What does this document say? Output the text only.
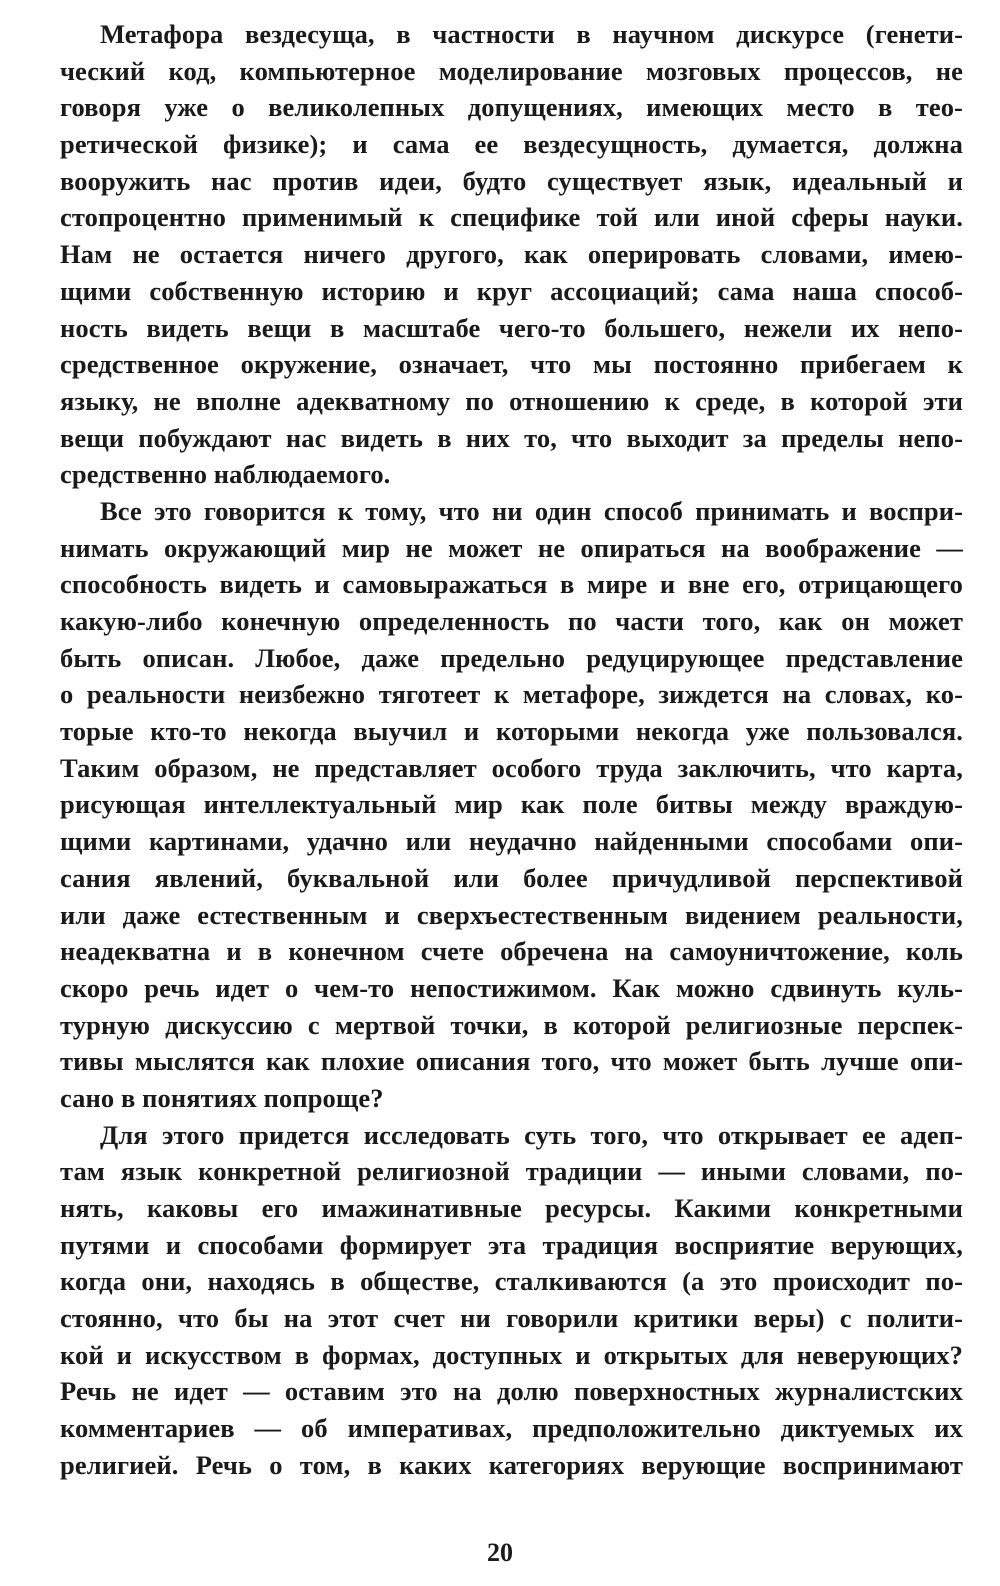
Метафора вездесуща, в частности в научном дискурсе (генети-
ческий код, компьютерное моделирование мозговых процессов, не
говоря уже о великолепных допущениях, имеющих место в тео-
ретической физике); и сама ее вездесущность, думается, должна
вооружить нас против идеи, будто существует язык, идеальный и
стопроцентно применимый к специфике той или иной сферы науки.
Нам не остается ничего другого, как оперировать словами, имею-
щими собственную историю и круг ассоциаций; сама наша способ-
ность видеть вещи в масштабе чего-то большего, нежели их непо-
средственное окружение, означает, что мы постоянно прибегаем к
языку, не вполне адекватному по отношению к среде, в которой эти
вещи побуждают нас видеть в них то, что выходит за пределы непо-
средственно наблюдаемого.
Все это говорится к тому, что ни один способ принимать и воспри-
нимать окружающий мир не может не опираться на воображение —
способность видеть и самовыражаться в мире и вне его, отрицающего
какую-либо конечную определенность по части того, как он может
быть описан. Любое, даже предельно редуцирующее представление
о реальности неизбежно тяготеет к метафоре, зиждется на словах, ко-
торые кто-то некогда выучил и которыми некогда уже пользовался.
Таким образом, не представляет особого труда заключить, что карта,
рисующая интеллектуальный мир как поле битвы между враждую-
щими картинами, удачно или неудачно найденными способами опи-
сания явлений, буквальной или более причудливой перспективой
или даже естественным и сверхъестественным видением реальности,
неадекватна и в конечном счете обречена на самоуничтожение, коль
скоро речь идет о чем-то непостижимом. Как можно сдвинуть куль-
турную дискуссию с мертвой точки, в которой религиозные перспек-
тивы мыслятся как плохие описания того, что может быть лучше опи-
сано в понятиях попроще?
Для этого придется исследовать суть того, что открывает ее адеп-
там язык конкретной религиозной традиции — иными словами, по-
нять, каковы его имажинативные ресурсы. Какими конкретными
путями и способами формирует эта традиция восприятие верующих,
когда они, находясь в обществе, сталкиваются (а это происходит по-
стоянно, что бы на этот счет ни говорили критики веры) с полити-
кой и искусством в формах, доступных и открытых для неверующих?
Речь не идет — оставим это на долю поверхностных журналистских
комментариев — об императивах, предположительно диктуемых их
религией. Речь о том, в каких категориях верующие воспринимают
20
